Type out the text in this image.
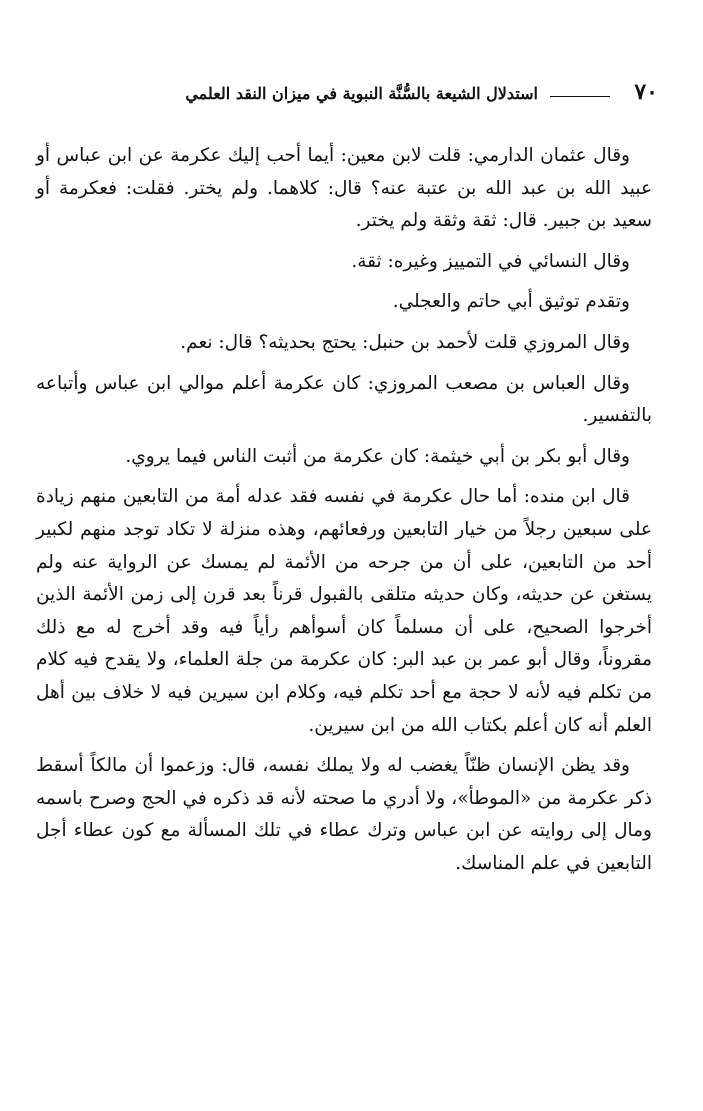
٧٠
استدلال الشيعة بالسُّنَّة النبوية في ميزان النقد العلمي

وقال عثمان الدارمي: قلت لابن معين: أيما أحب إليك عكرمة عن ابن عباس أو عبيد الله بن عبد الله بن عتبة عنه؟ قال: كلاهما. ولم يختر. فقلت: فعكرمة أو سعيد بن جبير. قال: ثقة وثقة ولم يختر.

وقال النسائي في التمييز وغيره: ثقة.

وتقدم توثيق أبي حاتم والعجلي.

وقال المروزي قلت لأحمد بن حنبل: يحتج بحديثه؟ قال: نعم.

وقال العباس بن مصعب المروزي: كان عكرمة أعلم موالي ابن عباس وأتباعه بالتفسير.

وقال أبو بكر بن أبي خيثمة: كان عكرمة من أثبت الناس فيما يروي.

قال ابن منده: أما حال عكرمة في نفسه فقد عدله أمة من التابعين منهم زيادة على سبعين رجلاً من خيار التابعين ورفعائهم، وهذه منزلة لا تكاد توجد منهم لكبير أحد من التابعين، على أن من جرحه من الأئمة لم يمسك عن الرواية عنه ولم يستغن عن حديثه، وكان حديثه متلقى بالقبول قرناً بعد قرن إلى زمن الأئمة الذين أخرجوا الصحيح، على أن مسلماً كان أسوأهم رأياً فيه وقد أخرج له مع ذلك مقروناً، وقال أبو عمر بن عبد البر: كان عكرمة من جلة العلماء، ولا يقدح فيه كلام من تكلم فيه لأنه لا حجة مع أحد تكلم فيه، وكلام ابن سيرين فيه لا خلاف بين أهل العلم أنه كان أعلم بكتاب الله من ابن سيرين.

وقد يظن الإنسان ظنّاً يغضب له ولا يملك نفسه، قال: وزعموا أن مالكاً أسقط ذكر عكرمة من «الموطأ»، ولا أدري ما صحته لأنه قد ذكره في الحج وصرح باسمه ومال إلى روايته عن ابن عباس وترك عطاء في تلك المسألة مع كون عطاء أجل التابعين في علم المناسك.
